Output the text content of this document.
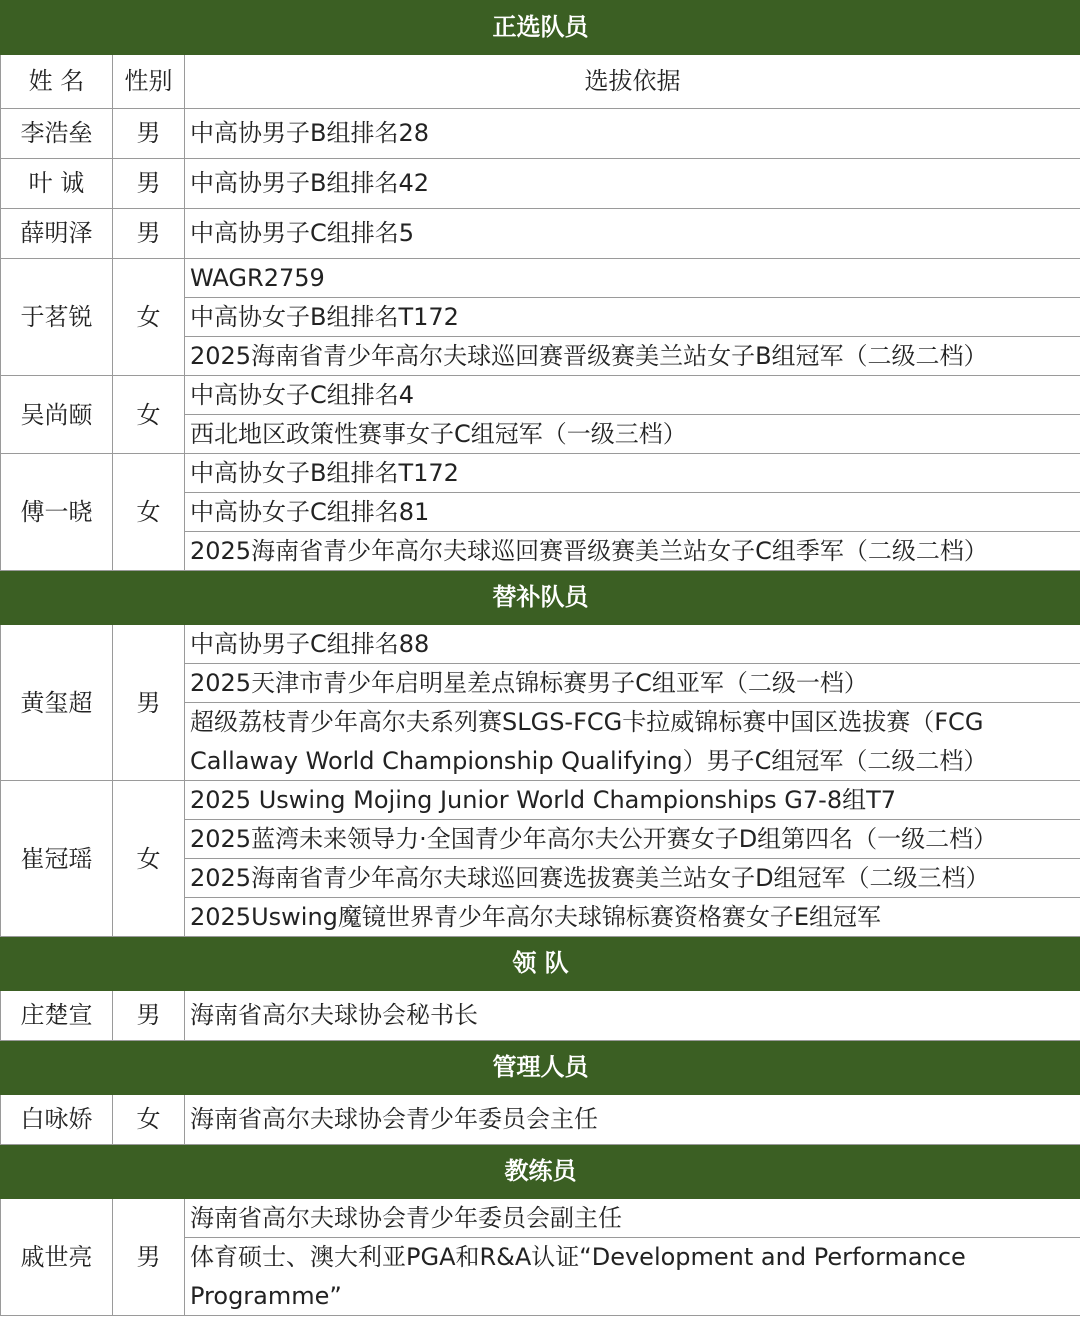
正选队员		
姓 名	性别	选拔依据
李浩垒	男	中高协男子B组排名28
叶 诚	男	中高协男子B组排名42
薛明泽	男	中高协男子C组排名5
于茗锐	女	WAGR2759
		中高协女子B组排名T172
		2025海南省青少年高尔夫球巡回赛晋级赛美兰站女子B组冠军（二级二档）
吴尚颐	女	中高协女子C组排名4
		西北地区政策性赛事女子C组冠军（一级三档）
傅一晓	女	中高协女子B组排名T172
		中高协女子C组排名81
		2025海南省青少年高尔夫球巡回赛晋级赛美兰站女子C组季军（二级二档）
替补队员		
黄玺超	男	中高协男子C组排名88
		2025天津市青少年启明星差点锦标赛男子C组亚军（二级一档）
		超级荔枝青少年高尔夫系列赛SLGS-FCG卡拉威锦标赛中国区选拔赛（FCG Callaway World Championship Qualifying）男子C组冠军（二级二档）
崔冠瑶	女	2025 Uswing Mojing Junior World Championships G7-8组T7
		2025蓝湾未来领导力·全国青少年高尔夫公开赛女子D组第四名（一级二档）
		2025海南省青少年高尔夫球巡回赛选拔赛美兰站女子D组冠军（二级三档）
		2025Uswing魔镜世界青少年高尔夫球锦标赛资格赛女子E组冠军
领 队		
庄楚宣	男	海南省高尔夫球协会秘书长
管理人员		
白咏娇	女	海南省高尔夫球协会青少年委员会主任
教练员		
戚世亮	男	海南省高尔夫球协会青少年委员会副主任
		体育硕士、澳大利亚PGA和R&A认证“Development and Performance Programme”
